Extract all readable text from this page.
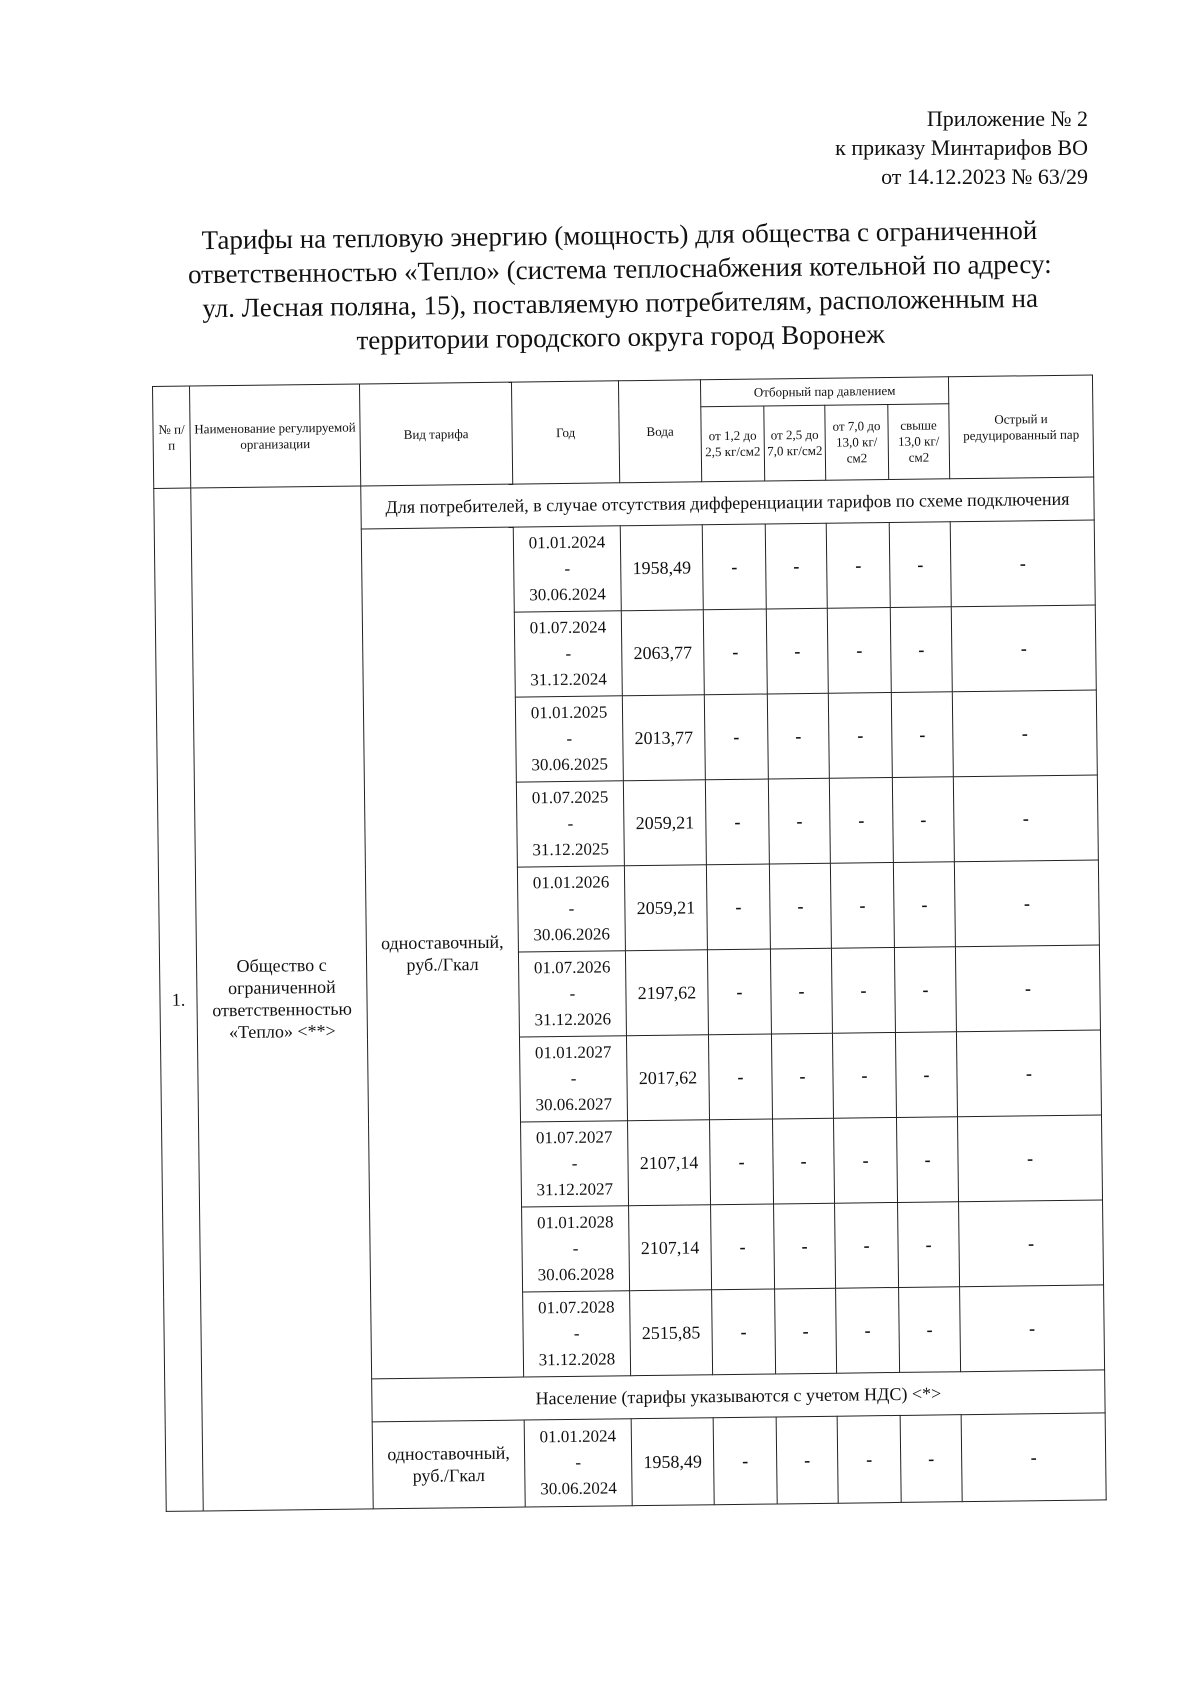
Приложение № 2
к приказу Минтарифов ВО
от 14.12.2023 № 63/29
Тарифы на тепловую энергию (мощность) для общества с ограниченной
ответственностью «Тепло» (система теплоснабжения котельной по адресу:
ул. Лесная поляна, 15), поставляемую потребителям, расположенным на
территории городского округа город Воронеж
№ п/п	Наименование регулируемой организации	Вид тарифа	Год	Вода	Отборный пар давлением				Острый и редуцированный пар
					от 1,2 до 2,5 кг/см2	от 2,5 до 7,0 кг/см2	от 7,0 до 13,0 кг/см2	свыше 13,0 кг/см2	
1.	Общество с ограниченной ответственностью «Тепло» <**>	Для потребителей, в случае отсутствия дифференциации тарифов по схеме подключения							
		одноставочный, руб./Гкал	01.01.2024
-
30.06.2024	1958,49	-	-	-	-	-

			01.07.2024
-
31.12.2024	2063,77	-	-	-	-	-

			01.01.2025
-
30.06.2025	2013,77	-	-	-	-	-

			01.07.2025
-
31.12.2025	2059,21	-	-	-	-	-

			01.01.2026
-
30.06.2026	2059,21	-	-	-	-	-

			01.07.2026
-
31.12.2026	2197,62	-	-	-	-	-

			01.01.2027
-
30.06.2027	2017,62	-	-	-	-	-

			01.07.2027
-
31.12.2027	2107,14	-	-	-	-	-

			01.01.2028
-
30.06.2028	2107,14	-	-	-	-	-

			01.07.2028
-
31.12.2028	2515,85	-	-	-	-	-
		Население (тарифы указываются с учетом НДС) <*>							
		одноставочный, руб./Гкал	01.01.2024
-
30.06.2024	1958,49	-	-	-	-	-
